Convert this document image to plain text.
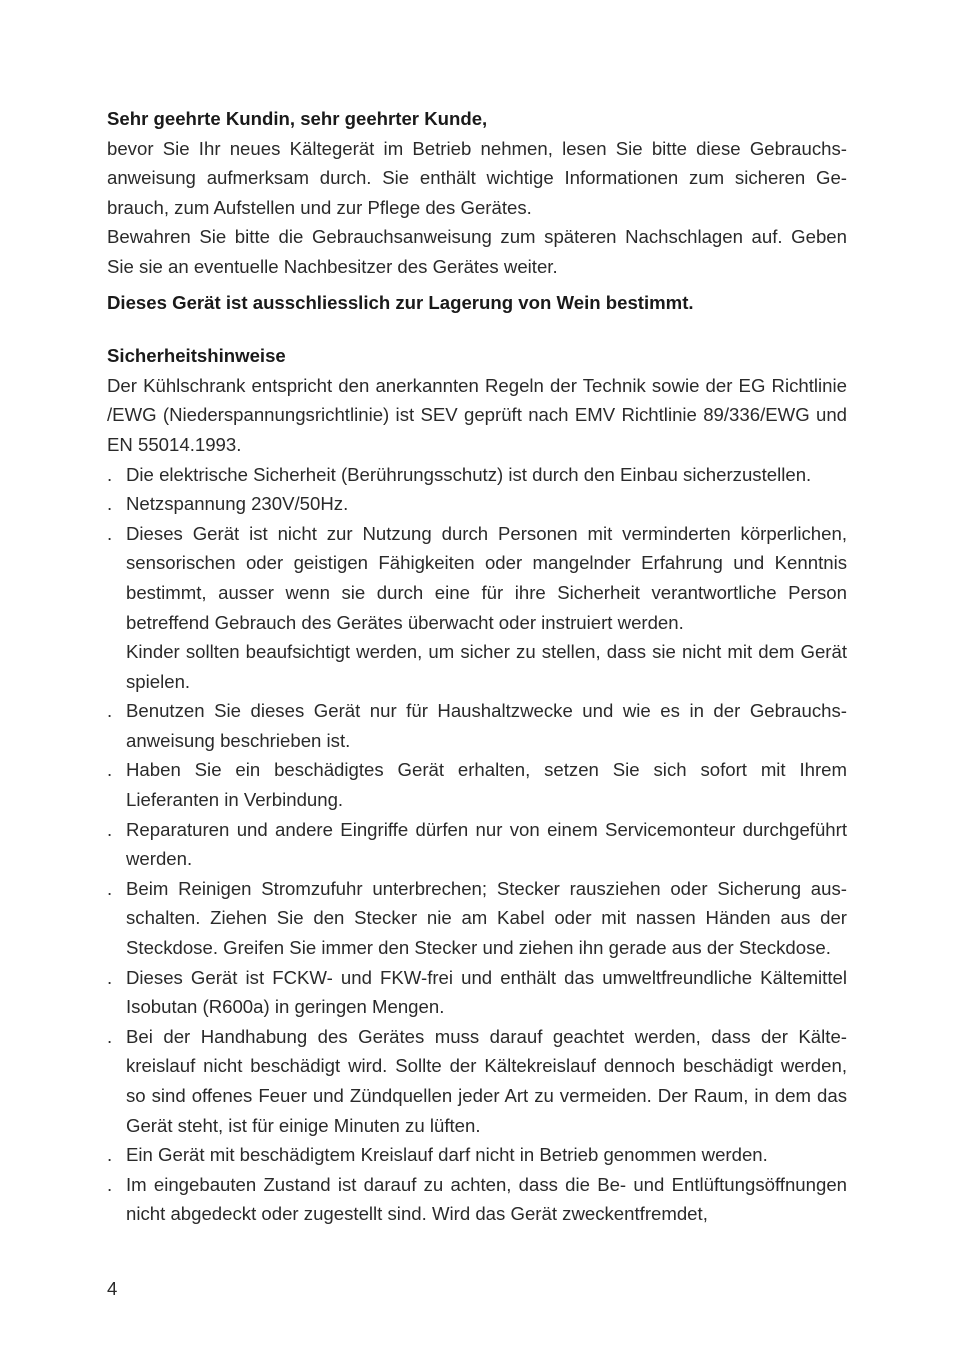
Sehr geehrte Kundin, sehr geehrter Kunde,

bevor Sie Ihr neues Kältegerät im Betrieb nehmen, lesen Sie bitte diese Gebrauchsanweisung aufmerksam durch. Sie enthält wichtige Informationen zum sicheren Gebrauch, zum Aufstellen und zur Pflege des Gerätes.

Bewahren Sie bitte die Gebrauchsanweisung zum späteren Nachschlagen auf. Geben Sie sie an eventuelle Nachbesitzer des Gerätes weiter.

Dieses Gerät ist ausschliesslich zur Lagerung von Wein bestimmt.

Sicherheitshinweise

Der Kühlschrank entspricht den anerkannten Regeln der Technik sowie der EG Richtlinie /EWG (Niederspannungsrichtlinie) ist SEV geprüft nach EMV Richtlinie 89/336/EWG und EN 55014.1993.

. Die elektrische Sicherheit (Berührungsschutz) ist durch den Einbau sicherzustellen.
. Netzspannung 230V/50Hz.
. Dieses Gerät ist nicht zur Nutzung durch Personen mit verminderten körperlichen, sensorischen oder geistigen Fähigkeiten oder mangelnder Erfahrung und Kenntnis bestimmt, ausser wenn sie durch eine für ihre Sicherheit verantwortliche Person betreffend Gebrauch des Gerätes überwacht oder instruiert werden.
Kinder sollten beaufsichtigt werden, um sicher zu stellen, dass sie nicht mit dem Gerät spielen.
. Benutzen Sie dieses Gerät nur für Haushaltzwecke und wie es in der Gebrauchsanweisung beschrieben ist.
. Haben Sie ein beschädigtes Gerät erhalten, setzen Sie sich sofort mit Ihrem Lieferanten in Verbindung.
. Reparaturen und andere Eingriffe dürfen nur von einem Servicemonteur durchgeführt werden.
. Beim Reinigen Stromzufuhr unterbrechen; Stecker rausziehen oder Sicherung ausschalten. Ziehen Sie den Stecker nie am Kabel oder mit nassen Händen aus der Steckdose. Greifen Sie immer den Stecker und ziehen ihn gerade aus der Steckdose.
. Dieses Gerät ist FCKW- und FKW-frei und enthält das umweltfreundliche Kältemittel Isobutan (R600a) in geringen Mengen.
. Bei der Handhabung des Gerätes muss darauf geachtet werden, dass der Kältekreislauf nicht beschädigt wird. Sollte der Kältekreislauf dennoch beschädigt werden, so sind offenes Feuer und Zündquellen jeder Art zu vermeiden. Der Raum, in dem das Gerät steht, ist für einige Minuten zu lüften.
. Ein Gerät mit beschädigtem Kreislauf darf nicht in Betrieb genommen werden.
. Im eingebauten Zustand ist darauf zu achten, dass die Be- und Entlüftungsöffnungen nicht abgedeckt oder zugestellt sind. Wird das Gerät zweckentfremdet,
4
